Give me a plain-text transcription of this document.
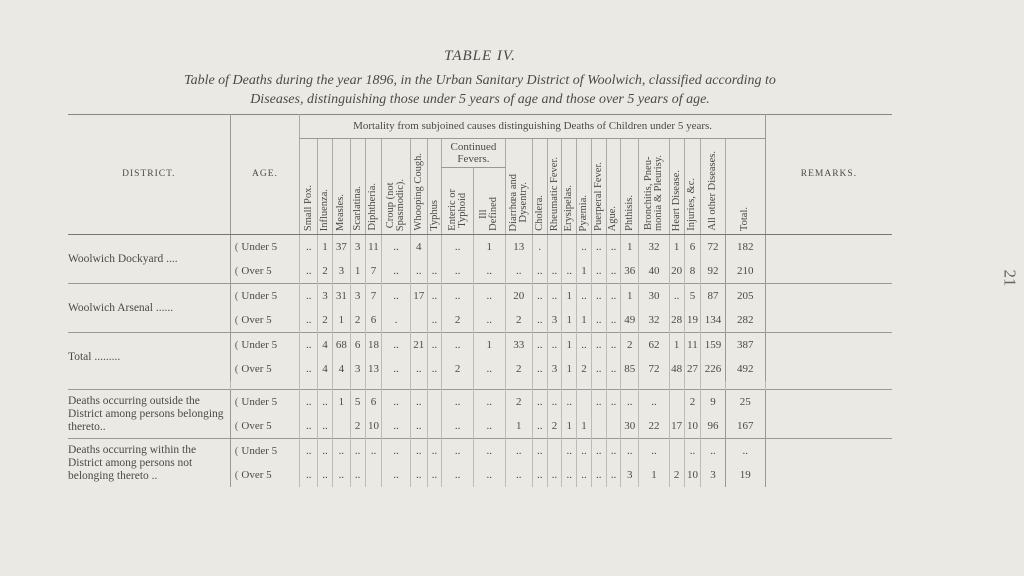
21
TABLE IV.
Table of Deaths during the year 1896, in the Urban Sanitary District of Woolwich, classified according to
Diseases, distinguishing those under 5 years of age and those over 5 years of age.
DISTRICT.	AGE.	Mortality from subjoined causes distinguishing Deaths of Children under 5 years.																							REMARKS.
		Small Pox.	Influenza.	Measles.	Scarlatina.	Diphtheria.	Croup (not
Spasmodic).	Whooping Cough.	Typhus	Continued Fevers.		Diarrhœa and
Dysentry.	Cholera.	Rheumatic Fever.	Erysipelas.	Pyæmia.	Puerperal Fever.	Ague.	Phthisis.	Bronchitis, Pneu-
monia & Pleurisy.	Heart Disease.	Injuries, &c.	All other Diseases.	Total.	
										Enteric or
Typhoid	Ill
Defined														
Woolwich Dockyard ....	( Under 5	..	1	37	3	11	..	4		..	1	13	.			..	..	..	1	32	1	6	72	182	
	( Over 5	..	2	3	1	7	..	..	..	..	..	..	..	..	..	1	..	..	36	40	20	8	92	210	
Woolwich Arsenal ......	( Under 5	..	3	31	3	7	..	17	..	..	..	20	..	..	1	..	..	..	1	30	..	5	87	205	
	( Over 5	..	2	1	2	6	.		..	2	..	2	..	3	1	1	..	..	49	32	28	19	134	282	
Total .........	( Under 5	..	4	68	6	18	..	21	..	..	1	33	..	..	1	..	..	..	2	62	1	11	159	387	
	( Over 5	..	4	4	3	13	..	..	..	2	..	2	..	3	1	2	..	..	85	72	48	27	226	492	

Deaths occurring outside the District among persons belonging thereto..	( Under 5	..	..	1	5	6	..	..		..	..	2	..	..	..		..	..	..	..		2	9	25	
	( Over 5	..	..		2	10	..	..		..	..	1	..	2	1	1			30	22	17	10	96	167	
Deaths occurring within the District among persons not belonging thereto ..	( Under 5	..	..	..	..	..	..	..	..	..	..	..	..		..	..	..	..	..	..		..	..	..	
	( Over 5	..	..	..	..		..	..	..	..	..	..	..	..	..	..	..	..	3	1	2	10	3	19	
